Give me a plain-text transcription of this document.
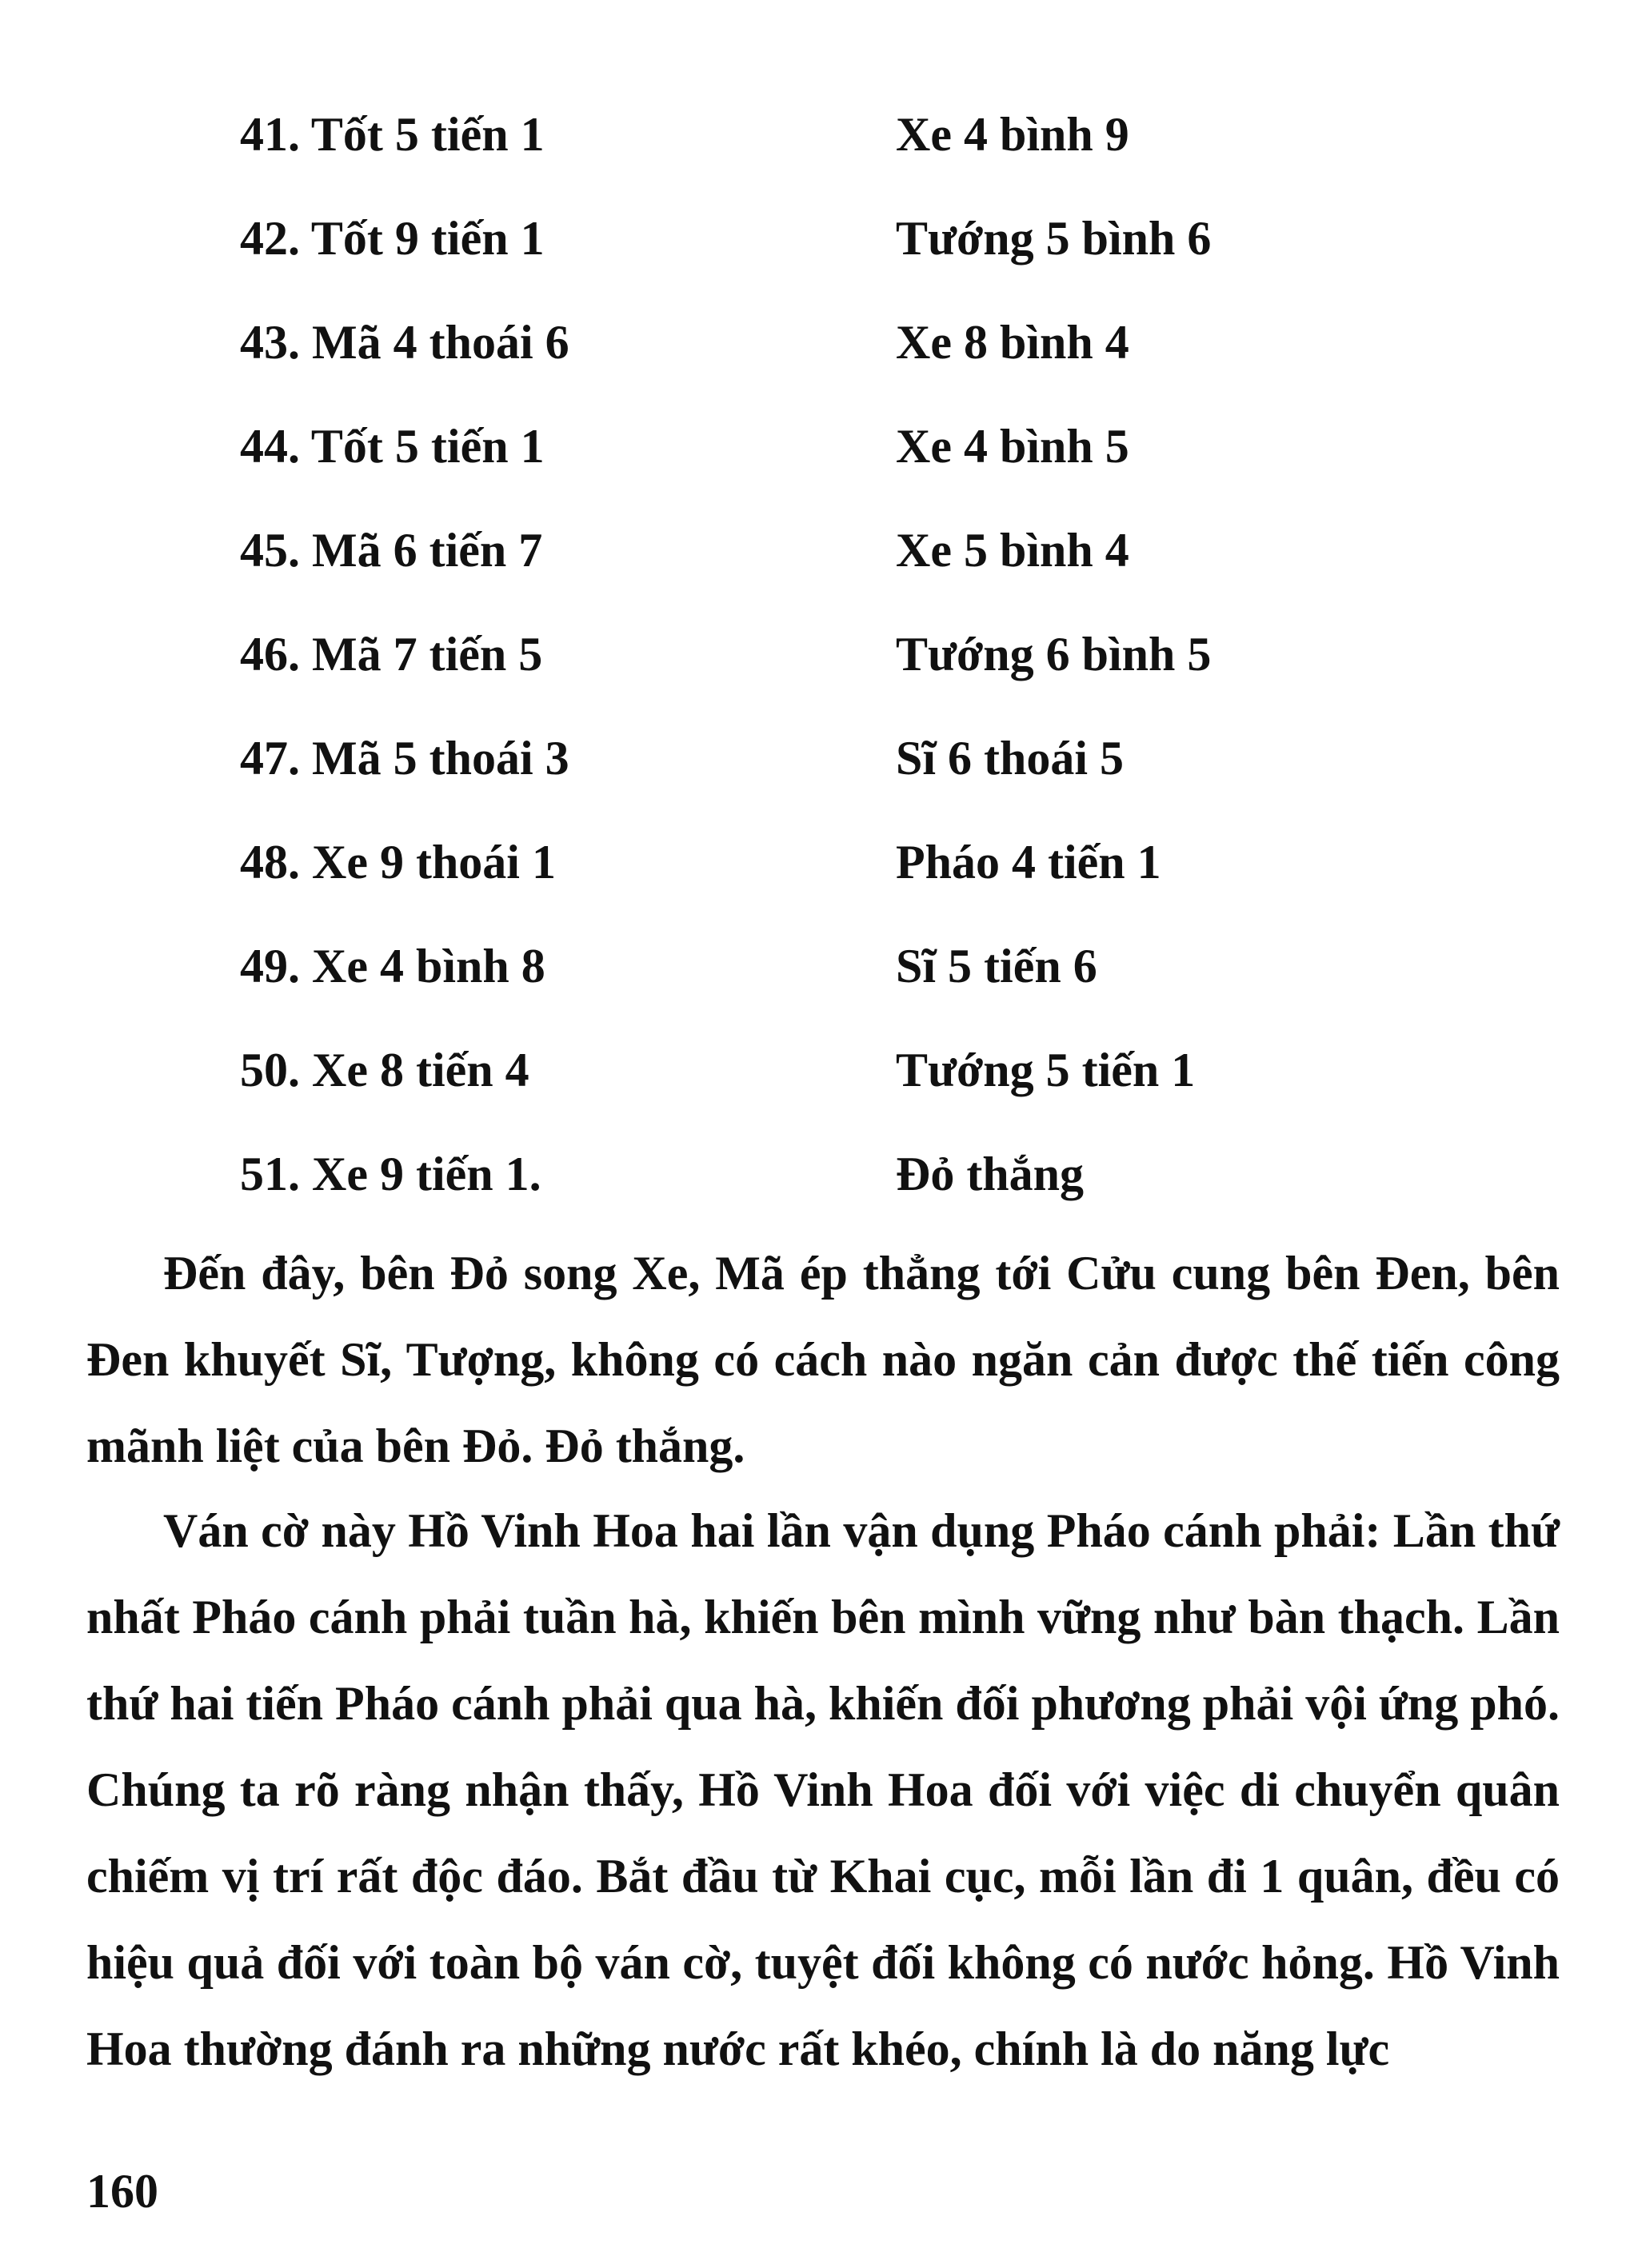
41. Tốt 5 tiến 1	Xe 4 bình 9
42. Tốt 9 tiến 1	Tướng 5 bình 6
43. Mã 4 thoái 6	Xe 8 bình 4
44. Tốt 5 tiến 1	Xe 4 bình 5
45. Mã 6 tiến 7	Xe 5 bình 4
46. Mã 7 tiến 5	Tướng 6 bình 5
47. Mã 5 thoái 3	Sĩ 6 thoái 5
48. Xe 9 thoái 1	Pháo 4 tiến 1
49. Xe 4 bình 8	Sĩ 5 tiến 6
50. Xe 8 tiến 4	Tướng 5 tiến 1
51. Xe 9 tiến 1.	Đỏ thắng

Đến đây, bên Đỏ song Xe, Mã ép thẳng tới Cửu cung bên Đen, bên Đen khuyết Sĩ, Tượng, không có cách nào ngăn cản được thế tiến công mãnh liệt của bên Đỏ. Đỏ thắng.

Ván cờ này Hồ Vinh Hoa hai lần vận dụng Pháo cánh phải: Lần thứ nhất Pháo cánh phải tuần hà, khiến bên mình vững như bàn thạch. Lần thứ hai tiến Pháo cánh phải qua hà, khiến đối phương phải vội ứng phó. Chúng ta rõ ràng nhận thấy, Hồ Vinh Hoa đối với việc di chuyển quân chiếm vị trí rất độc đáo. Bắt đầu từ Khai cục, mỗi lần đi 1 quân, đều có hiệu quả đối với toàn bộ ván cờ, tuyệt đối không có nước hỏng. Hồ Vinh Hoa thường đánh ra những nước rất khéo, chính là do năng lực

160
